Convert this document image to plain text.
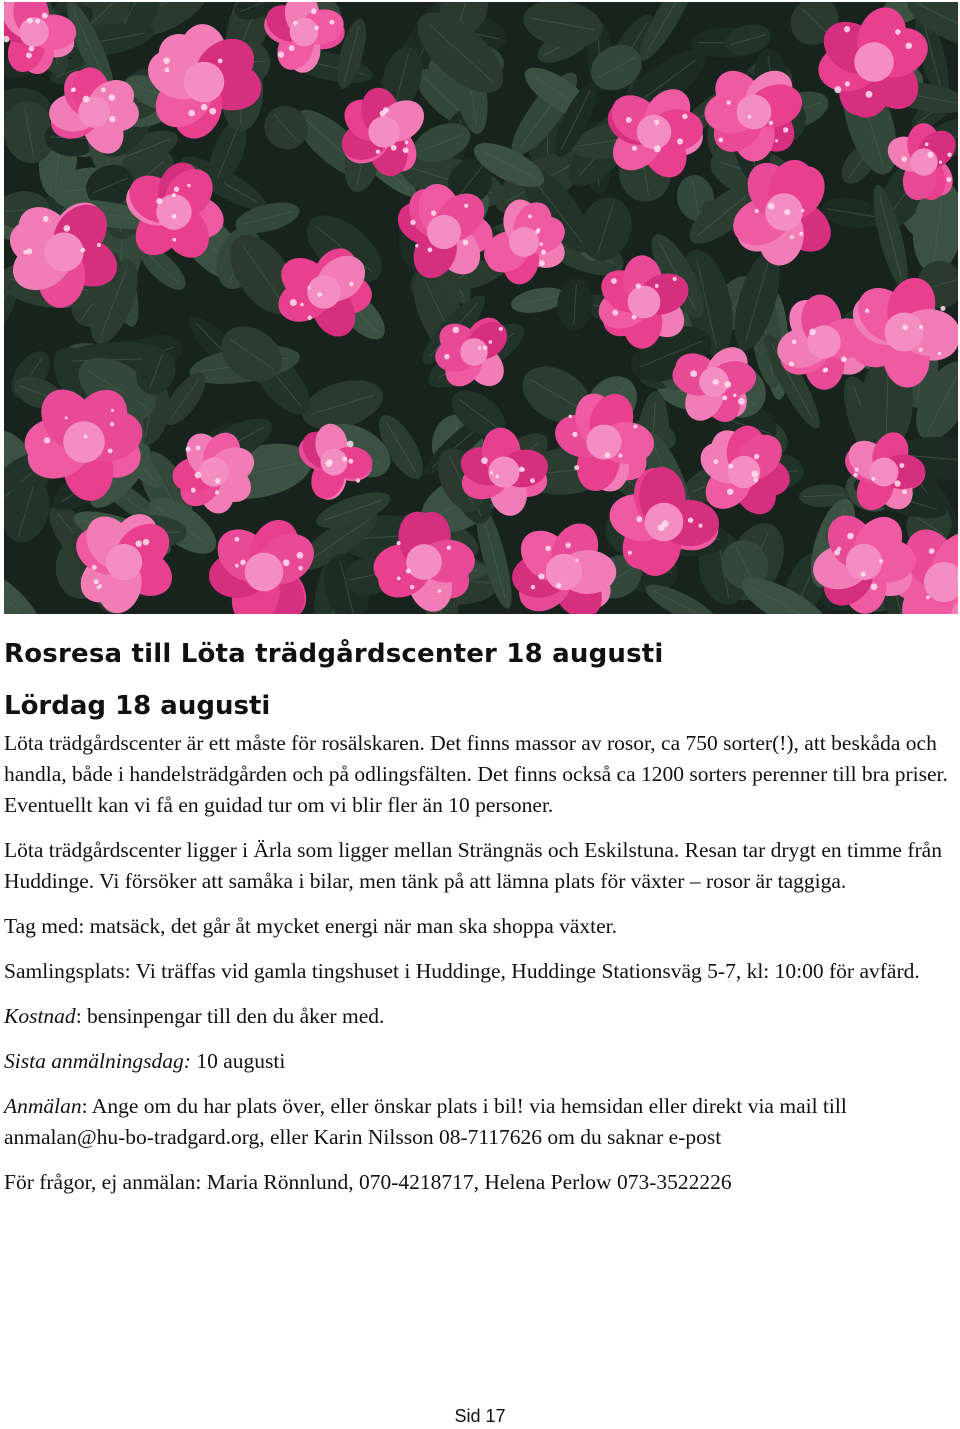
Rosresa till Löta trädgårdscenter 18 augusti
Lördag 18 augusti

Löta trädgårdscenter är ett måste för rosälskaren. Det finns massor av rosor, ca 750 sorter(!), att beskåda och handla, både i handelsträdgården och på odlingsfälten. Det finns också ca 1200 sorters perenner till bra priser. Eventuellt kan vi få en guidad tur om vi blir fler än 10 personer.

Löta trädgårdscenter ligger i Ärla som ligger mellan Strängnäs och Eskilstuna. Resan tar drygt en timme från Huddinge. Vi försöker att samåka i bilar, men tänk på att lämna plats för växter – rosor är taggiga.

Tag med: matsäck, det går åt mycket energi när man ska shoppa växter.

Samlingsplats: Vi träffas vid gamla tingshuset i Huddinge, Huddinge Stationsväg 5-7, kl: 10:00 för avfärd.

Kostnad: bensinpengar till den du åker med.

Sista anmälningsdag: 10 augusti

Anmälan: Ange om du har plats över, eller önskar plats i bil! via hemsidan eller direkt via mail till anmalan@hu-bo-tradgard.org, eller Karin Nilsson 08-7117626 om du saknar e-post

För frågor, ej anmälan: Maria Rönnlund, 070-4218717, Helena Perlow 073-3522226

Sid 17
